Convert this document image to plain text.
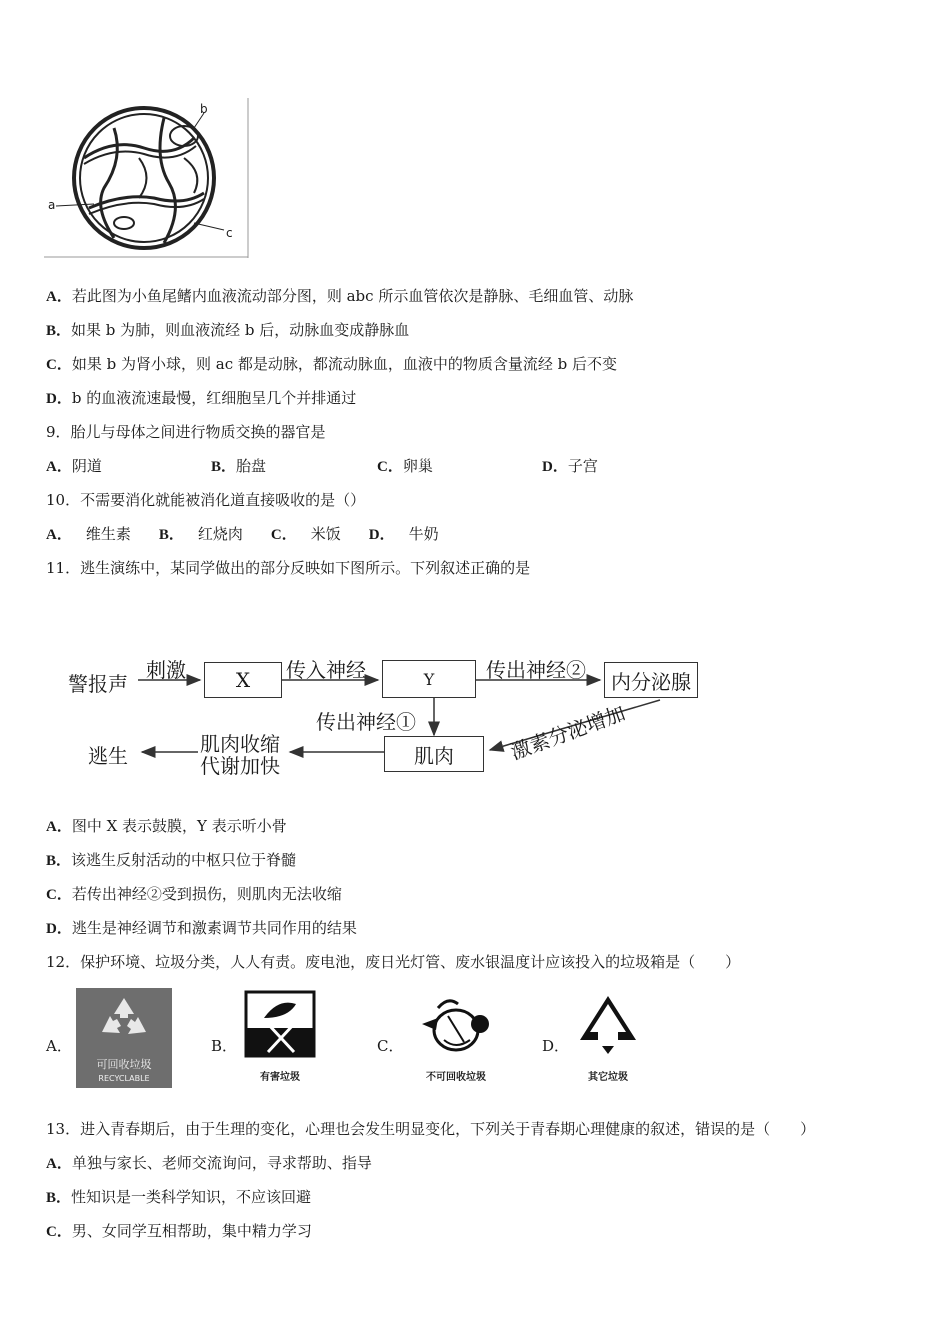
b
a
c
A．若此图为小鱼尾鳍内血液流动部分图，则 abc 所示血管依次是静脉、毛细血管、动脉
B．如果 b 为肺，则血液流经 b 后，动脉血变成静脉血
C．如果 b 为肾小球，则 ac 都是动脉，都流动脉血，血液中的物质含量流经 b 后不变
D．b 的血液流速最慢，红细胞呈几个并排通过
9．胎儿与母体之间进行物质交换的器官是
A．阴道	B．胎盘	C．卵巢	D．子宫
10．不需要消化就能被消化道直接吸收的是（）
A． 维生素 B． 红烧肉 C． 米饭 D． 牛奶
11．逃生演练中，某同学做出的部分反映如下图所示。下列叙述正确的是
警报声
刺激	X	传入神经	Y	传出神经②	内分泌腺
传出神经①	激素分泌增加
肌肉
肌肉收缩
代谢加快
逃生
A．图中 X 表示鼓膜，Y 表示听小骨
B．该逃生反射活动的中枢只位于脊髓
C．若传出神经②受到损伤，则肌肉无法收缩
D．逃生是神经调节和激素调节共同作用的结果
12．保护环境、垃圾分类，人人有责。废电池，废日光灯管、废水银温度计应该投入的垃圾箱是（　　）
A．
可回收垃圾
RECYCLABLE
B．
有害垃圾
C．
不可回收垃圾
D．
其它垃圾
13．进入青春期后，由于生理的变化，心理也会发生明显变化，下列关于青春期心理健康的叙述，错误的是（　　）
A．单独与家长、老师交流询问，寻求帮助、指导
B．性知识是一类科学知识，不应该回避
C．男、女同学互相帮助，集中精力学习
